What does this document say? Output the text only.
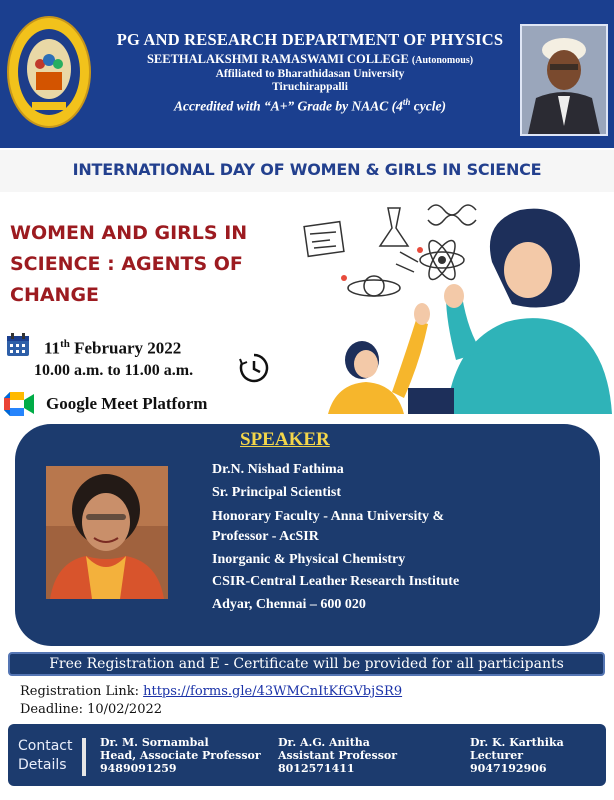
PG AND RESEARCH DEPARTMENT OF PHYSICS
SEETHALAKSHMI RAMASWAMI COLLEGE (Autonomous)
Affiliated to Bharathidasan University
Tiruchirappalli
Accredited with “A+” Grade by NAAC (4th cycle)
INTERNATIONAL DAY OF WOMEN & GIRLS IN SCIENCE
WOMEN AND GIRLS IN
SCIENCE : AGENTS OF
CHANGE
11th February 2022
10.00 a.m. to 11.00 a.m.
Google Meet Platform
SPEAKER
Dr.N. Nishad Fathima
Sr. Principal Scientist
Honorary Faculty - Anna University &
Professor - AcSIR
Inorganic & Physical Chemistry
CSIR-Central Leather Research Institute
Adyar, Chennai – 600 020
Free Registration and E - Certificate will be provided for all participants
Registration Link: https://forms.gle/43WMCnItKfGVbjSR9
Deadline: 10/02/2022
Contact
Details
Dr. M. Sornambal
Head, Associate Professor
9489091259
Dr. A.G. Anitha
Assistant Professor
8012571411
Dr. K. Karthika
Lecturer
9047192906
